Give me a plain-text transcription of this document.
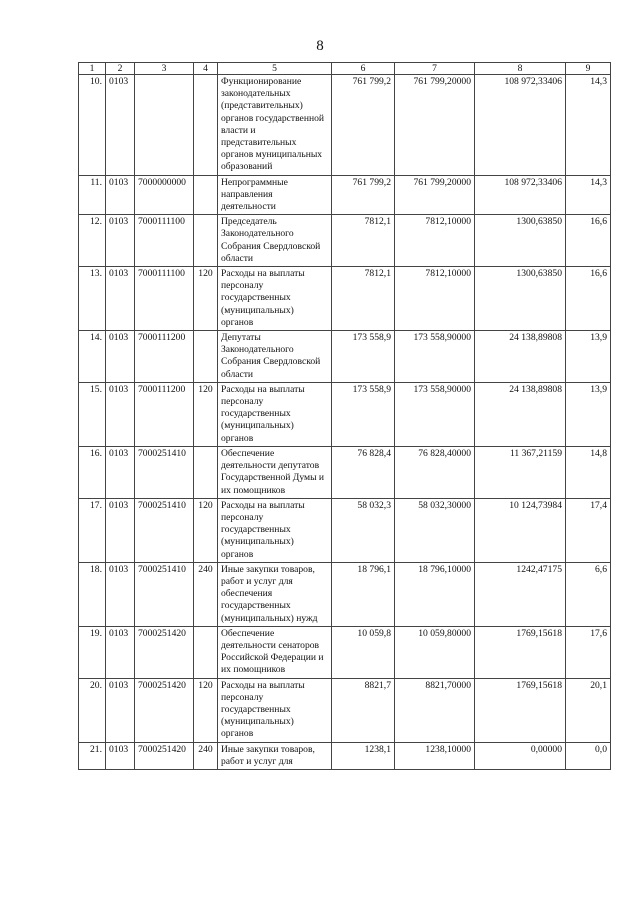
8
1	2	3	4	5	6	7	8	9
10.	0103			Функционирование законодательных (представительных) органов государственной власти и представительных органов муниципальных образований	761 799,2	761 799,20000	108 972,33406	14,3
11.	0103	7000000000		Непрограммные направления деятельности	761 799,2	761 799,20000	108 972,33406	14,3
12.	0103	7000111100		Председатель Законодательного Собрания Свердловской области	7812,1	7812,10000	1300,63850	16,6
13.	0103	7000111100	120	Расходы на выплаты персоналу государственных (муниципальных) органов	7812,1	7812,10000	1300,63850	16,6
14.	0103	7000111200		Депутаты Законодательного Собрания Свердловской области	173 558,9	173 558,90000	24 138,89808	13,9
15.	0103	7000111200	120	Расходы на выплаты персоналу государственных (муниципальных) органов	173 558,9	173 558,90000	24 138,89808	13,9
16.	0103	7000251410		Обеспечение деятельности депутатов Государственной Думы и их помощников	76 828,4	76 828,40000	11 367,21159	14,8
17.	0103	7000251410	120	Расходы на выплаты персоналу государственных (муниципальных) органов	58 032,3	58 032,30000	10 124,73984	17,4
18.	0103	7000251410	240	Иные закупки товаров, работ и услуг для обеспечения государственных (муниципальных) нужд	18 796,1	18 796,10000	1242,47175	6,6
19.	0103	7000251420		Обеспечение деятельности сенаторов Российской Федерации и их помощников	10 059,8	10 059,80000	1769,15618	17,6
20.	0103	7000251420	120	Расходы на выплаты персоналу государственных (муниципальных) органов	8821,7	8821,70000	1769,15618	20,1
21.	0103	7000251420	240	Иные закупки товаров, работ и услуг для	1238,1	1238,10000	0,00000	0,0
